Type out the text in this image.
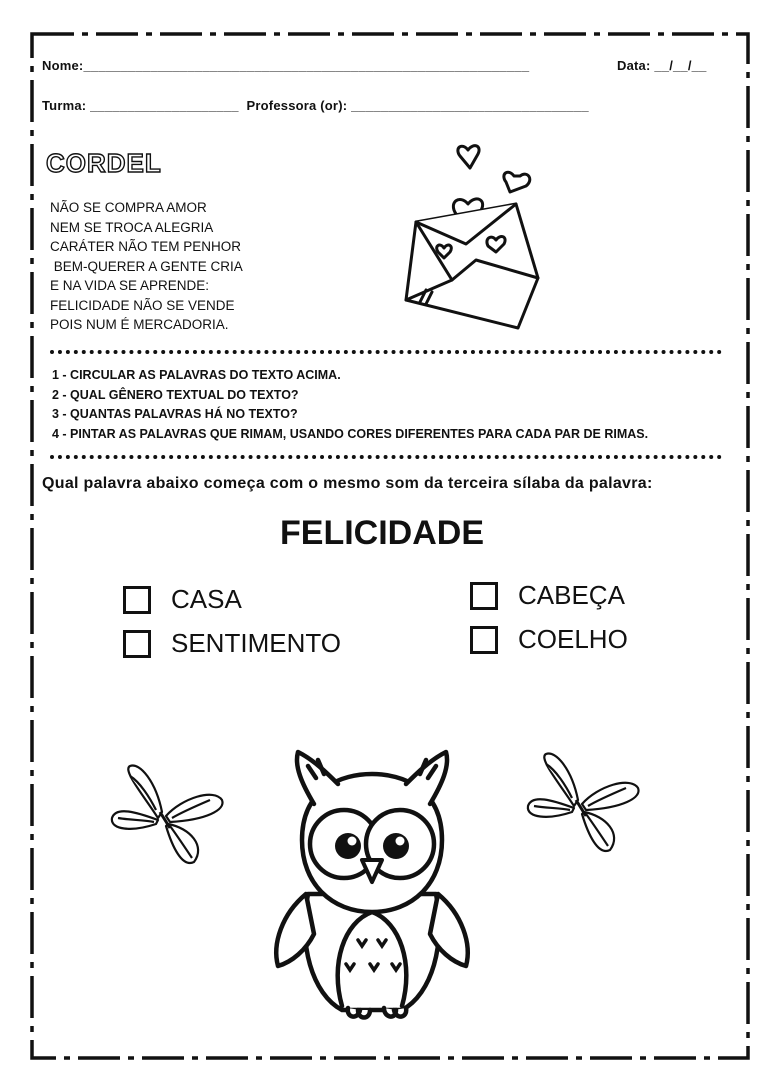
Nome:____________________________________________________________	Data: __/__/__
Turma: ____________________ Professora (or): ________________________________
CORDEL
NÃO SE COMPRA AMOR
NEM SE TROCA ALEGRIA
CARÁTER NÃO TEM PENHOR
BEM-QUERER A GENTE CRIA
E NA VIDA SE APRENDE:
FELICIDADE NÃO SE VENDE
POIS NUM É MERCADORIA.
1 - CIRCULAR AS PALAVRAS DO TEXTO ACIMA.
2 - QUAL GÊNERO TEXTUAL DO TEXTO?
3 - QUANTAS PALAVRAS HÁ NO TEXTO?
4 - PINTAR AS PALAVRAS QUE RIMAM, USANDO CORES DIFERENTES PARA CADA PAR DE RIMAS.
Qual palavra abaixo começa com o mesmo som da terceira sílaba da palavra:
FELICIDADE
CASA
SENTIMENTO
CABEÇA
COELHO
